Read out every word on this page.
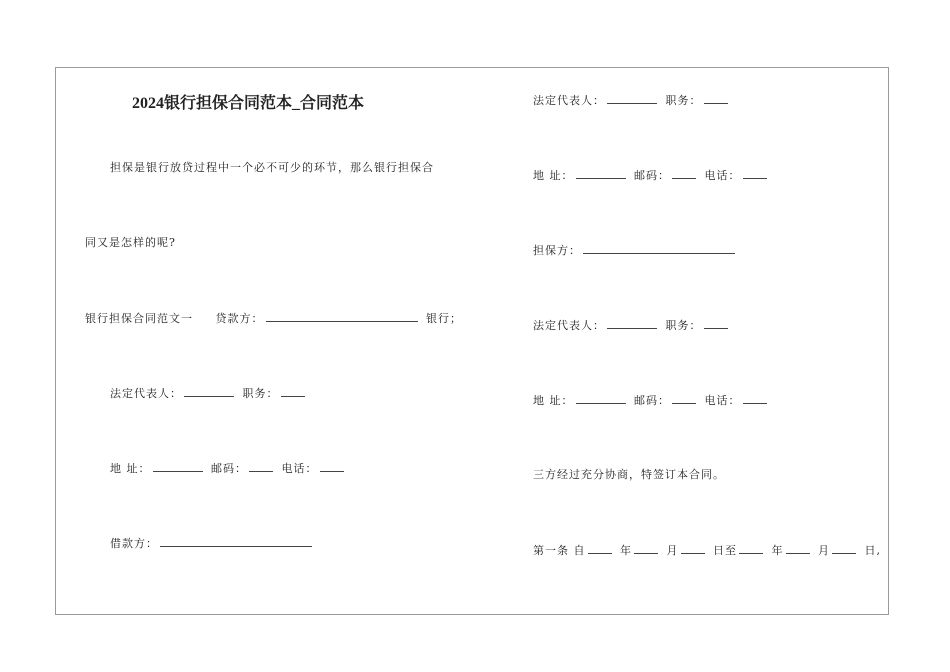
2024银行担保合同范本_合同范本
担保是银行放贷过程中一个必不可少的环节，那么银行担保合
同又是怎样的呢?
银行担保合同范文一 贷款方：	银行；
法定代表人：	职务：
地 址：	邮码：	电话：
借款方：
法定代表人：	职务：
地 址：	邮码：	电话：
担保方：
法定代表人：	职务：
地 址：	邮码：	电话：
三方经过充分协商，特签订本合同。
第一条 自	年	月	日至	年	月	日,
